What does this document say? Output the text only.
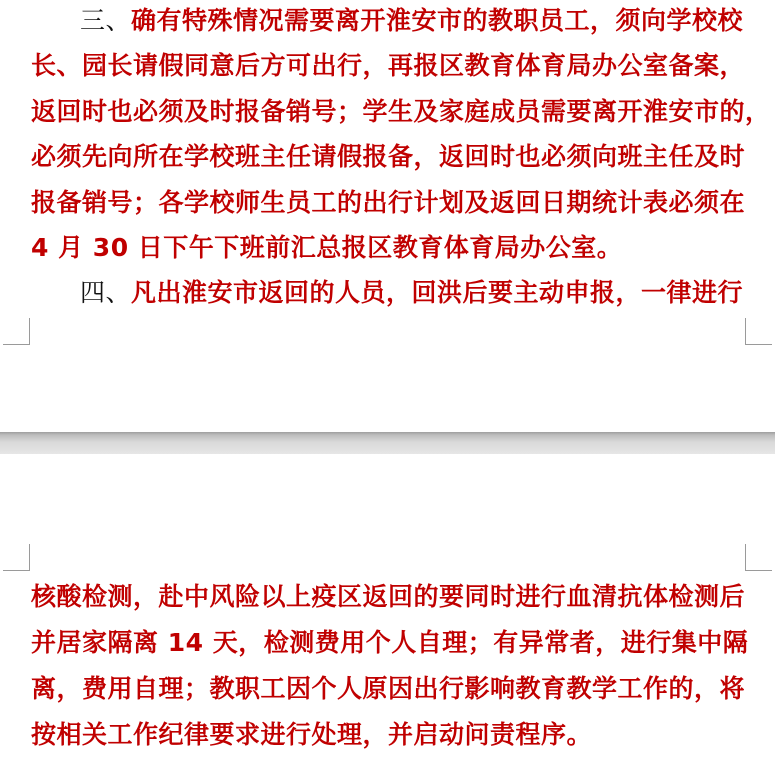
三、确有特殊情况需要离开淮安市的教职员工，须向学校校
长、园长请假同意后方可出行，再报区教育体育局办公室备案，
返回时也必须及时报备销号；学生及家庭成员需要离开淮安市的，
必须先向所在学校班主任请假报备，返回时也必须向班主任及时
报备销号；各学校师生员工的出行计划及返回日期统计表必须在
4 月 30 日下午下班前汇总报区教育体育局办公室。
四、凡出淮安市返回的人员，回洪后要主动申报，一律进行
核酸检测，赴中风险以上疫区返回的要同时进行血清抗体检测后
并居家隔离 14 天，检测费用个人自理；有异常者，进行集中隔
离，费用自理；教职工因个人原因出行影响教育教学工作的，将
按相关工作纪律要求进行处理，并启动问责程序。
